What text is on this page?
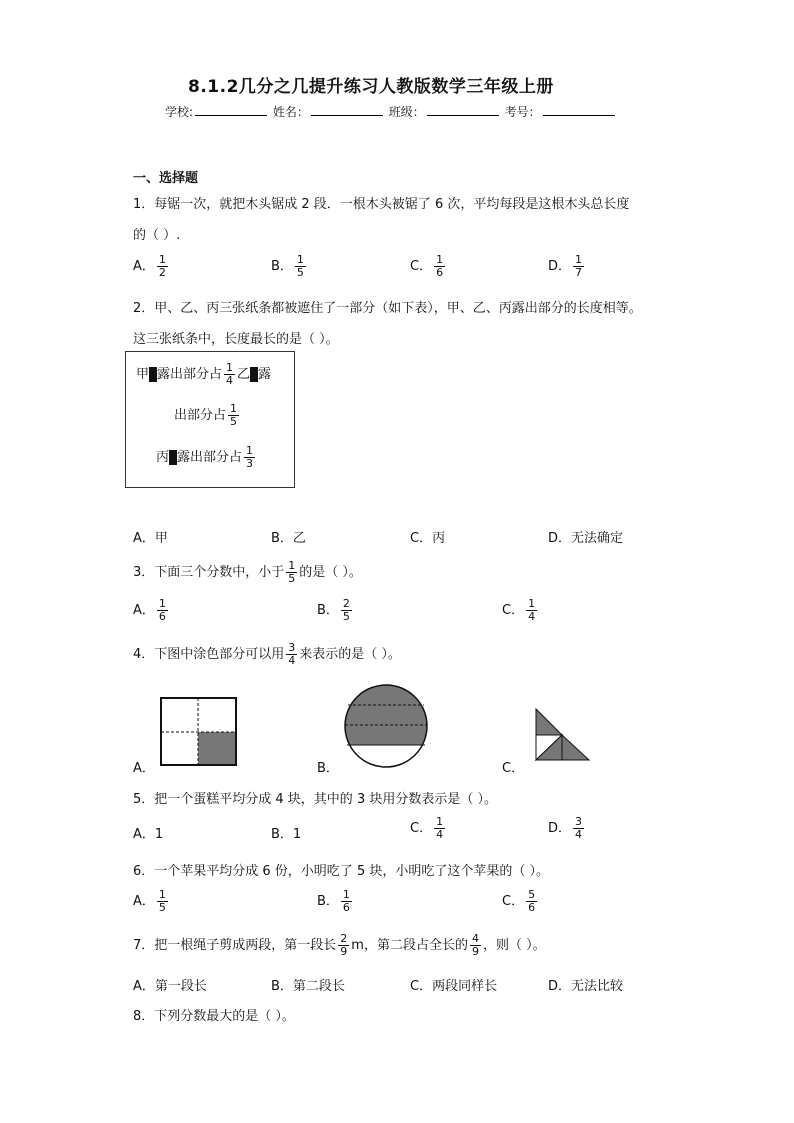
8.1.2几分之几提升练习人教版数学三年级上册
学校:	姓名：	班级：	考号：
一、选择题
1．每锯一次，就把木头锯成 2 段．一根木头被锯了 6 次，平均每段是这根木头总长度
的（ ）.
A． $\frac{1}{2}$	B． $\frac{1}{5}$	C． $\frac{1}{6}$	D． $\frac{1}{7}$
2．甲、乙、丙三张纸条都被遮住了一部分（如下表），甲、乙、丙露出部分的长度相等。
这三张纸条中，长度最长的是（ ）。
甲 露出部分占 $\frac{1}{4}$ 乙 露
出部分占 $\frac{1}{5}$
丙 露出部分占 $\frac{1}{3}$
A．甲	B．乙	C．丙	D．无法确定
3．下面三个分数中，小于 $\frac{1}{5}$ 的是（ ）。
A． $\frac{1}{6}$	B． $\frac{2}{5}$	C． $\frac{1}{4}$
4．下图中涂色部分可以用 $\frac{3}{4}$ 来表示的是（ ）。
A．	B．	C．
5．把一个蛋糕平均分成 4 块，其中的 3 块用分数表示是（ ）。
A．1	B．1	C． $\frac{1}{4}$	D． $\frac{3}{4}$
6．一个苹果平均分成 6 份，小明吃了 5 块，小明吃了这个苹果的（ ）。
A． $\frac{1}{5}$	B． $\frac{1}{6}$	C． $\frac{5}{6}$
7．把一根绳子剪成两段，第一段长 $\frac{2}{9}$ m，第二段占全长的 $\frac{4}{9}$ ，则（ ）。
A．第一段长	B．第二段长	C．两段同样长	D．无法比较
8．下列分数最大的是（ ）。
